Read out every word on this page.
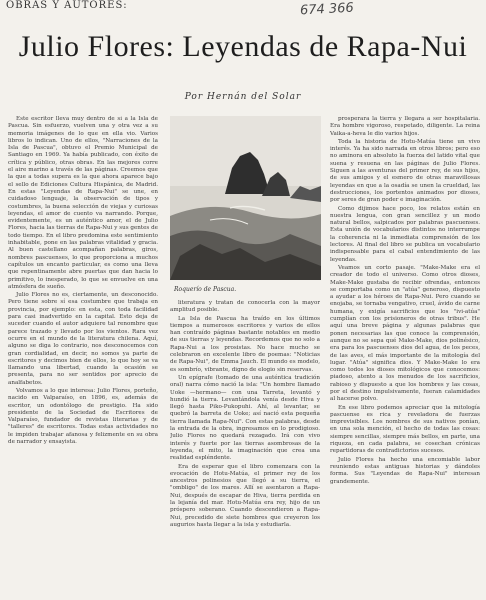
OBRAS Y AUTORES:	674 366
Julio Flores: Leyendas de Rapa-Nui
Por Hernán del Solar

Este escritor lleva muy dentro de sí a la Isla de Pascua. Sin esfuerzo, vuelven una y otra vez a su memoria imágenes de lo que en ella vio. Varios libros lo indican. Uno de ellos, "Narraciones de la Isla de Pascua", obtuvo el Premio Municipal de Santiago en 1969. Ya había publicado, con éxito de crítica y público, otras obras. En las mejores corre el aire marino a través de las páginas. Creemos que la que a todas supera es la que ahora aparece bajo el sello de Ediciones Cultura Hispánica, de Madrid. En estas "Leyendas de Rapa-Nui" se une, en cuidadoso lenguaje, la observación de tipos y costumbres, la buena selección de viejas y curiosas leyendas, el amor de cuento va narrando. Porque, evidentemente, es un auténtico amor, el de Julio Flores, hacia las tierras de Rapa-Nui y sus gentes de todo tiempo. En el libro predomina este sentimiento inhabitable, pone en las palabras vitalidad y gracia. Al buen castellano acompañan palabras, giros, nombres pascuenses, lo que proporciona a muchos capítulos un encanto particular, es como una lleva que repentinamente abre puertas que dan hacia lo primitivo, lo inesperado, lo que se envuelve en una atmósfera de sueño.

Julio Flores no es, ciertamente, un desconocido. Pero tiene sobre sí esa costumbre que trabaja en provincia, por ejemplo: en esta, con toda facilidad para casi inadvertido en la capital. Esto deja de suceder cuando el autor adquiere tal renombre que parece trazado y llevado por los vientos. Rara vez ocurre en el mundo de la literatura chilena. Aquí, alguno se diga lo contrario, nos desconocemos con gran cordialidad, en decir, no somos ya parte de escritores y decimos bien de ellos, lo que hoy se va llamando una libertad, cuando la ocasión se presenta, para no ser sentidos por aprecio de analfabetos.

Volvamos a lo que interesa: Julio Flores, porteño, nacido en Valparaíso, en 1896, es, además de escritor, un odontólogo de prestigio. Ha sido presidente de la Sociedad de Escritores de Valparaíso, fundador de revistas literarias y de "talleres" de escritores. Todas estas actividades no le impiden trabajar afanosa y felizmente en su obra de narrador y ensayista.

Roquerío de Pascua.

literatura y tratan de conocerla con la mayor amplitud posible.

La Isla de Pascua ha traído en los últimos tiempos a numerosos escritores y varios de ellos han contraído páginas bastante notables en medio de sus tierras y leyendas. Recordemos que no solo a Rapa-Nui a los prosistas. No hace mucho se celebraron en excelente libro de poemas: "Noticias de Rapa-Nui", de Emma Jauch. El mundo es modelo, es sombrío, vibrante, digno de elogio sin reservas.

Un epígrafe (tomado de una auténtica tradición oral) narra cómo nació la isla: "Un hombre llamado Uoke —hermano— con una Tarreta, levantó y hundió la tierra. Levantándola venía desde Hiva y llegó hasta Piko-Pukopuhi. Ahí, al levantar, se quebró la barreta de Uoke; así nació esta pequeña tierra llamada Rapa-Nui". Con estas palabras, desde la entrada de la obra, ingresamos en lo prodigioso. Julio Flores no quedará rezagado. Irá con vivo interés y fuerte por las tierras asombrosas de la leyenda, el mito, la imaginación que crea una realidad espléndente.

Era de esperar que el libro comenzara con la evocación de Hotu-Matúa, el primer rey de los ancestros polinesios que llegó a su tierra, el "ombligo" de los mares. Allí se asentaron a Rapa-Nui, después de escapar de Hiva, tierra perdida en la lejanía del mar. Hotu-Matúa era rey, hijo de un próspero soberano. Cuando descendieron a Rapa-Nui, precedido de siete hombres que creyeron los augurios hasta llegar a la isla y estudiarla.

prosperara la tierra y llegara a ser hospitalaria. Era hombre vigoroso, respetado, diligente. La reina Vaika-a-heva le dio varios hijos.

Toda la historia de Hotu-Matúa tiene un vivo interés. Ya ha sido narrada en otros libros; pero eso no aminora en absoluto la fuerza del latido vital que suena y resuena en las páginas de Julio Flores. Siguen a las aventuras del primer rey, de sus hijos, de sus amigos y el esmero de otras maravillosas leyendas en que a la osadía se unen la crueldad, las destrucciones, los portentos animados por dioses, por seres de gran poder e imaginación.

Como dijimos hace poco, los relatos están en nuestra lengua, con gran sencillez y un modo natural bellos, salpicados por palabras pascuenses. Esta unión de vocabularios distintos no interrumpe la coherencia ni la inmediata comprensión de los lectores. Al final del libro se publica un vocabulario indispensable para el cabal entendimiento de las leyendas.

Veamos un corto pasaje. "Make-Make era el creador de todo el universo. Como otros dioses, Make-Make gustaba de recibir ofrendas, entonces se comportaba como un "atúa" generoso, dispuesto a ayudar a los héroes de Rapa-Nui. Pero cuando se enojaba, se tornaba vengativo, cruel, ávido de carne humana, y exigía sacrificios que los "ivi-atúa" cumplían con los prisioneros de otras tribus". He aquí una breve página y algunas palabras que ponen necesarias las que conoce la comprensión, aunque no se sepa qué Make-Make, dios polinésico, era para los pascuenses dios del agua, de los peces, de las aves, el más importante de la mitología del lugar. "Atúa" significa dios. Y Make-Make lo era como todos los dioses mitológicos que conocemos: piadoso, atento a los menudos de los sacrificios, rabioso y dispuesto a que los hombres y las cosas, por el destino impulsivamente, fueran calamidades al hacerse polvo.

En ese libro podemos apreciar que la mitología pascuense es rica y reveladora de fuerzas imprevisibles. Los nombres de sus nativos ponían, en una sola mención, el hecho de todas las cosas: siempre sencillas, siempre más bellos, en parte, una riqueza, en cada palabra, se cosechan crónicas repartidoras de contradictorios sucesos.

Julio Flores ha hecho una encomiable labor reuniendo estas antiguas historias y dándoles forma. Sus "Leyendas de Rapa-Nui" interesan grandemente.
